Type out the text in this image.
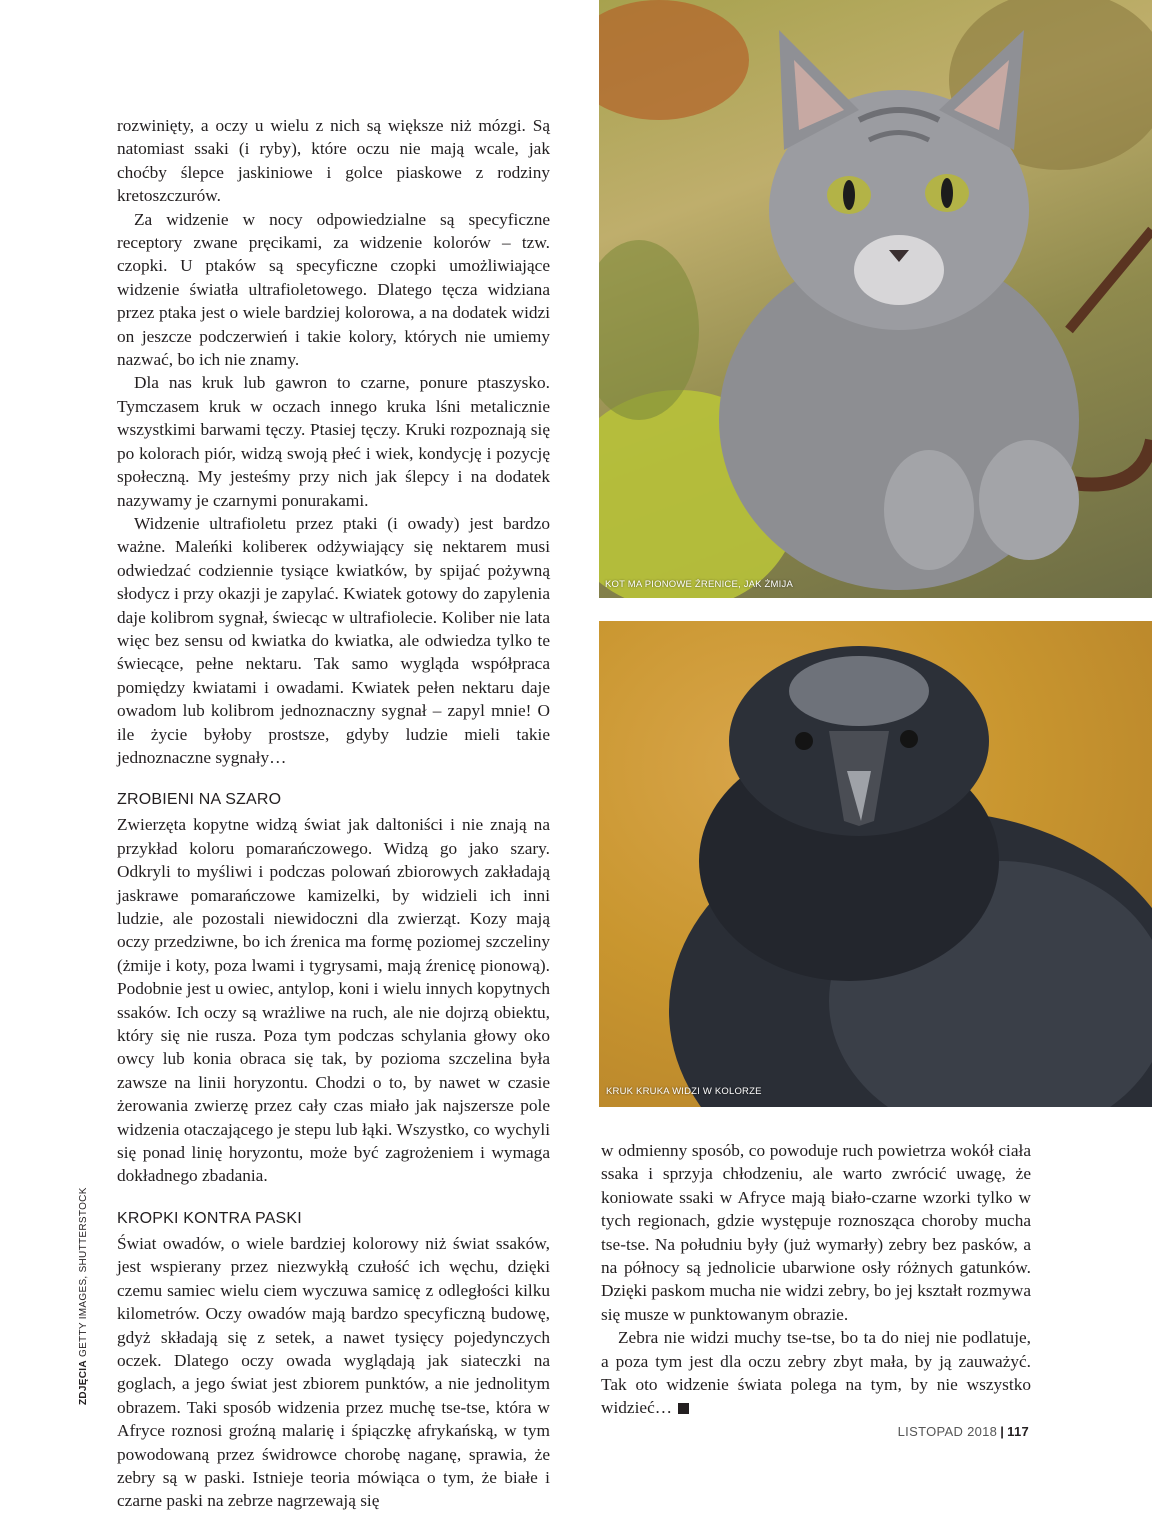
rozwinięty, a oczy u wielu z nich są większe niż mózgi. Są natomiast ssaki (i ryby), które oczu nie mają wcale, jak choćby ślepce jaskiniowe i golce piaskowe z rodziny kretoszczurów.

Za widzenie w nocy odpowiedzialne są specyficzne receptory zwane pręcikami, za widzenie kolorów – tzw. czopki. U ptaków są specyficzne czopki umożliwiające widzenie światła ultrafioletowego. Dlatego tęcza widziana przez ptaka jest o wiele bardziej kolorowa, a na dodatek widzi on jeszcze podczerwień i takie kolory, których nie umiemy nazwać, bo ich nie znamy.

Dla nas kruk lub gawron to czarne, ponure ptaszysko. Tymczasem kruk w oczach innego kruka lśni metalicznie wszystkimi barwami tęczy. Ptasiej tęczy. Kruki rozpoznają się po kolorach piór, widzą swoją płeć i wiek, kondycję i pozycję społeczną. My jesteśmy przy nich jak ślepcy i na dodatek nazywamy je czarnymi ponurakami.

Widzenie ultrafioletu przez ptaki (i owady) jest bardzo ważne. Maleńki kolibereк odżywiający się nektarem musi odwiedzać codziennie tysiące kwiatków, by spijać pożywną słodycz i przy okazji je zapylać. Kwiatek gotowy do zapylenia daje kolibrom sygnał, świecąc w ultrafiolecie. Koliber nie lata więc bez sensu od kwiatka do kwiatka, ale odwiedza tylko te świecące, pełne nektaru. Tak samo wygląda współpraca pomiędzy kwiatami i owadami. Kwiatek pełen nektaru daje owadom lub kolibrom jednoznaczny sygnał – zapyl mnie! O ile życie byłoby prostsze, gdyby ludzie mieli takie jednoznaczne sygnały…

ZROBIENI NA SZARO

Zwierzęta kopytne widzą świat jak daltoniści i nie znają na przykład koloru pomarańczowego. Widzą go jako szary. Odkryli to myśliwi i podczas polowań zbiorowych zakładają jaskrawe pomarańczowe kamizelki, by widzieli ich inni ludzie, ale pozostali niewidoczni dla zwierząt. Kozy mają oczy przedziwne, bo ich źrenica ma formę poziomej szczeliny (żmije i koty, poza lwami i tygrysami, mają źrenicę pionową). Podobnie jest u owiec, antylop, koni i wielu innych kopytnych ssaków. Ich oczy są wrażliwe na ruch, ale nie dojrzą obiektu, który się nie rusza. Poza tym podczas schylania głowy oko owcy lub konia obraca się tak, by pozioma szczelina była zawsze na linii horyzontu. Chodzi o to, by nawet w czasie żerowania zwierzę przez cały czas miało jak najszersze pole widzenia otaczającego je stepu lub łąki. Wszystko, co wychyli się ponad linię horyzontu, może być zagrożeniem i wymaga dokładnego zbadania.

KROPKI KONTRA PASKI

Świat owadów, o wiele bardziej kolorowy niż świat ssaków, jest wspierany przez niezwykłą czułość ich węchu, dzięki czemu samiec wielu ciem wyczuwa samicę z odległości kilku kilometrów. Oczy owadów mają bardzo specyficzną budowę, gdyż składają się z setek, a nawet tysięcy pojedynczych oczek. Dlatego oczy owada wyglądają jak siateczki na goglach, a jego świat jest zbiorem punktów, a nie jednolitym obrazem. Taki sposób widzenia przez muchę tse-tse, która w Afryce roznosi groźną malarię i śpiączkę afrykańską, w tym powodowaną przez świdrowce chorobę naganę, sprawia, że zebry są w paski. Istnieje teoria mówiąca o tym, że białe i czarne paski na zebrze nagrzewają się

KOT MA PIONOWE ŹRENICE, JAK ŻMIJA
KRUK KRUKA WIDZI W KOLORZE

w odmienny sposób, co powoduje ruch powietrza wokół ciała ssaka i sprzyja chłodzeniu, ale warto zwrócić uwagę, że koniowate ssaki w Afryce mają biało-czarne wzorki tylko w tych regionach, gdzie występuje roznosząca choroby mucha tse-tse. Na południu były (już wymarły) zebry bez pasków, a na północy są jednolicie ubarwione osły różnych gatunków. Dzięki paskom mucha nie widzi zebry, bo jej kształt rozmywa się musze w punktowanym obrazie.

Zebra nie widzi muchy tse-tse, bo ta do niej nie podlatuje, a poza tym jest dla oczu zebry zbyt mała, by ją zauważyć. Tak oto widzenie świata polega na tym, by nie wszystko widzieć…

ZDJĘCIA GETTY IMAGES, SHUTTERSTOCK
LISTOPAD 2018 | 117
